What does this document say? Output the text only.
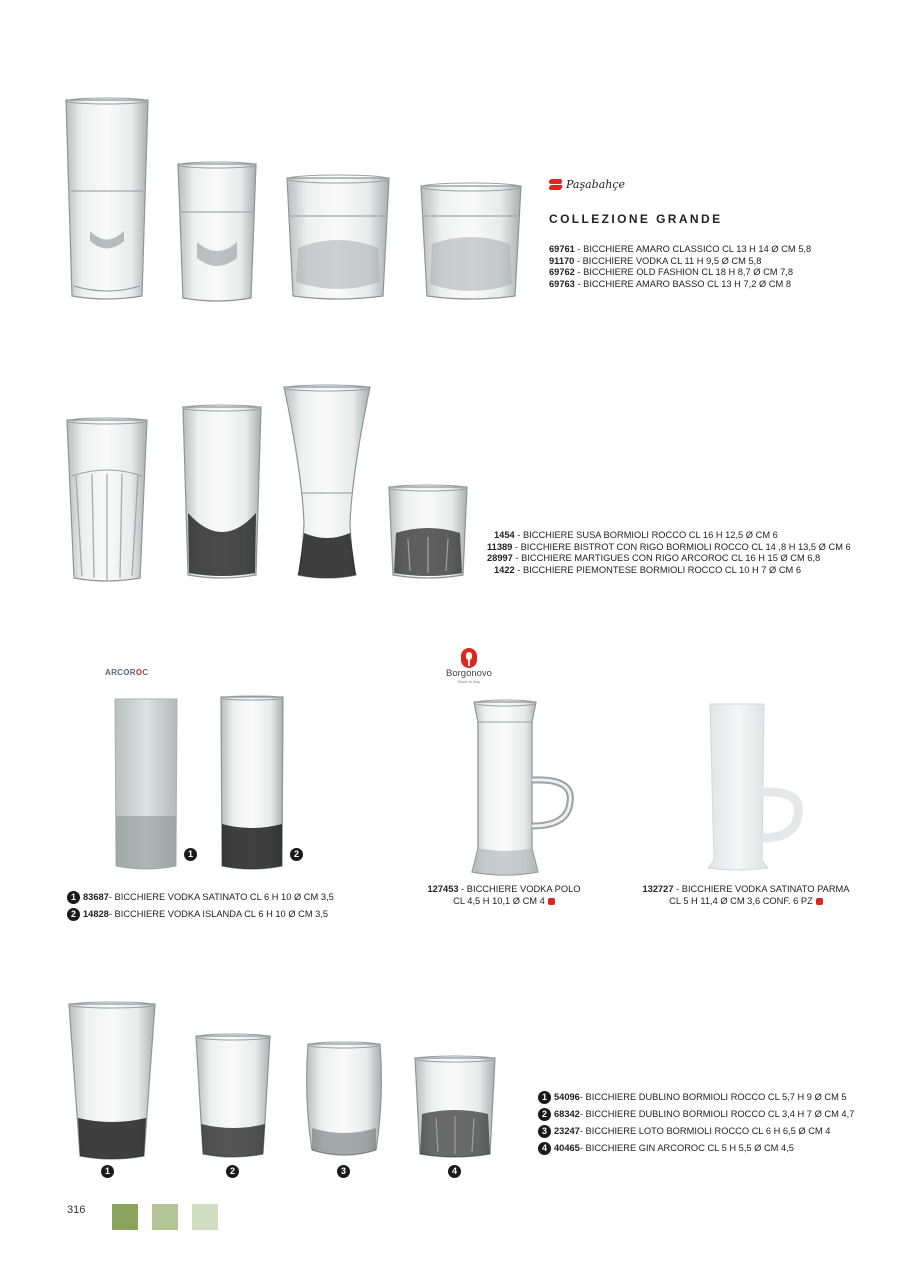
Paşabahçe
COLLEZIONE GRANDE
69761 - BICCHIERE AMARO CLASSICO CL 13 H 14 Ø CM 5,8
91170 - BICCHIERE VODKA CL 11 H 9,5 Ø CM 5,8
69762 - BICCHIERE OLD FASHION CL 18 H 8,7 Ø CM 7,8
69763 - BICCHIERE AMARO BASSO CL 13 H 7,2 Ø CM 8
1454 - BICCHIERE SUSA BORMIOLI ROCCO CL 16 H 12,5 Ø CM 6
11389 - BICCHIERE BISTROT CON RIGO BORMIOLI ROCCO CL 14 ,8 H 13,5 Ø CM 6
28997 - BICCHIERE MARTIGUES CON RIGO ARCOROC CL 16 H 15 Ø CM 6,8
1422 - BICCHIERE PIEMONTESE BORMIOLI ROCCO CL 10 H 7 Ø CM 6
ARCOROC
1	2
1 83687 - BICCHIERE VODKA SATINATO CL 6 H 10 Ø CM 3,5
2 14828 - BICCHIERE VODKA ISLANDA CL 6 H 10 Ø CM 3,5
Borgonovo
Made in Italy
127453 - BICCHIERE VODKA POLO
CL 4,5 H 10,1 Ø CM 4
132727 - BICCHIERE VODKA SATINATO PARMA
CL 5 H 11,4 Ø CM 3,6 CONF. 6 PZ
1	2	3	4
1 54096 - BICCHIERE DUBLINO BORMIOLI ROCCO CL 5,7 H 9 Ø CM 5
2 68342 - BICCHIERE DUBLINO BORMIOLI ROCCO CL 3,4 H 7 Ø CM 4,7
3 23247 - BICCHIERE LOTO BORMIOLI ROCCO CL 6 H 6,5 Ø CM 4
4 40465 - BICCHIERE GIN ARCOROC CL 5 H 5,5 Ø CM 4,5
316
